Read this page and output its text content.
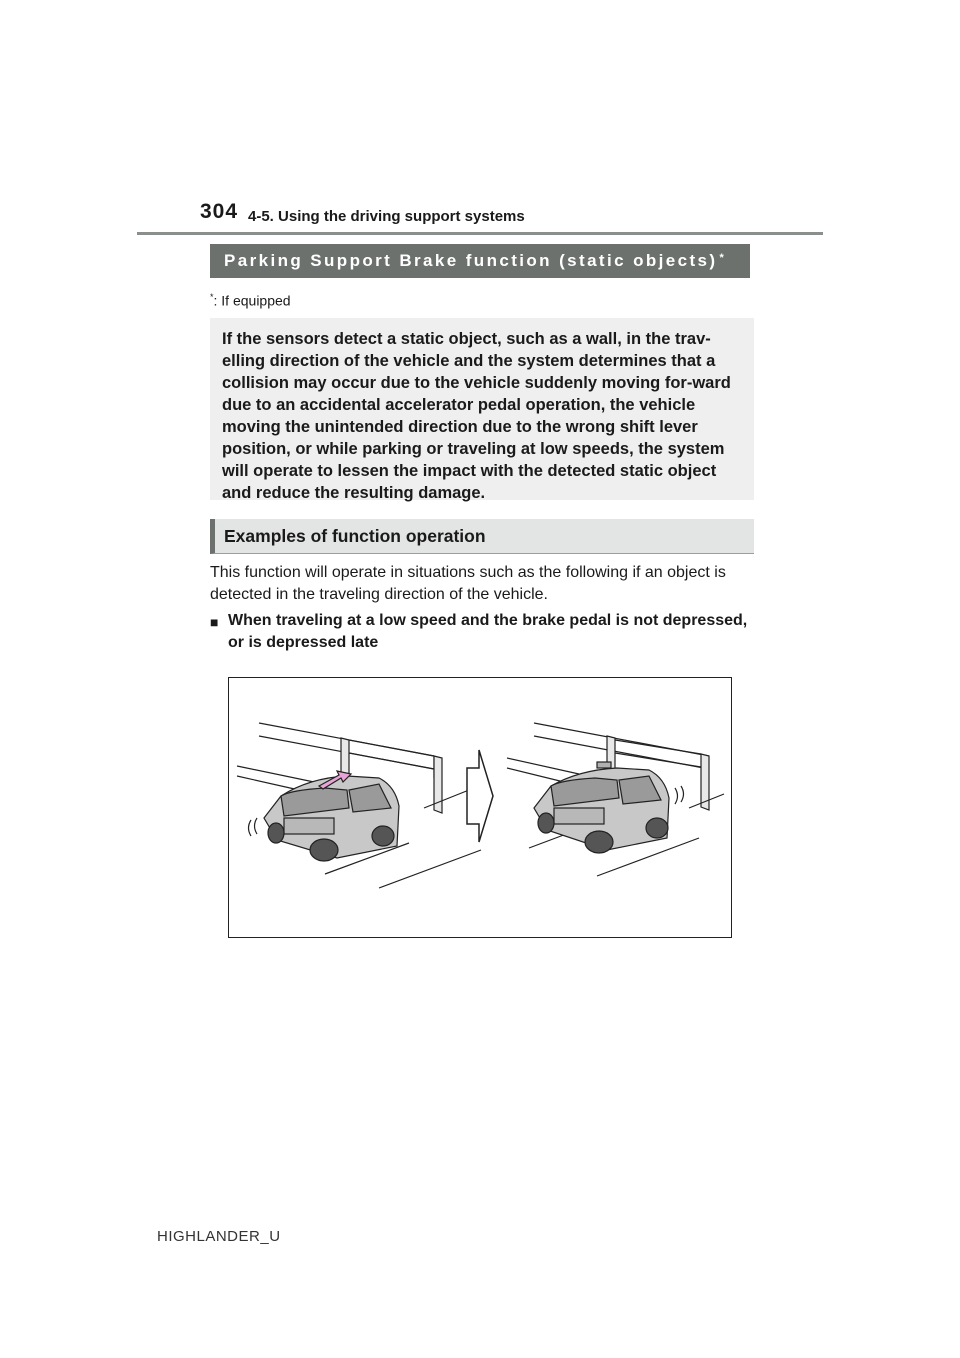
304 4-5. Using the driving support systems
Parking Support Brake function (static objects)*
*: If equipped
If the sensors detect a static object, such as a wall, in the trav-elling direction of the vehicle and the system determines that a collision may occur due to the vehicle suddenly moving for-ward due to an accidental accelerator pedal operation, the vehicle moving the unintended direction due to the wrong shift lever position, or while parking or traveling at low speeds, the system will operate to lessen the impact with the detected static object and reduce the resulting damage.
Examples of function operation
This function will operate in situations such as the following if an object is detected in the traveling direction of the vehicle.
■ When traveling at a low speed and the brake pedal is not depressed, or is depressed late
HIGHLANDER_U
